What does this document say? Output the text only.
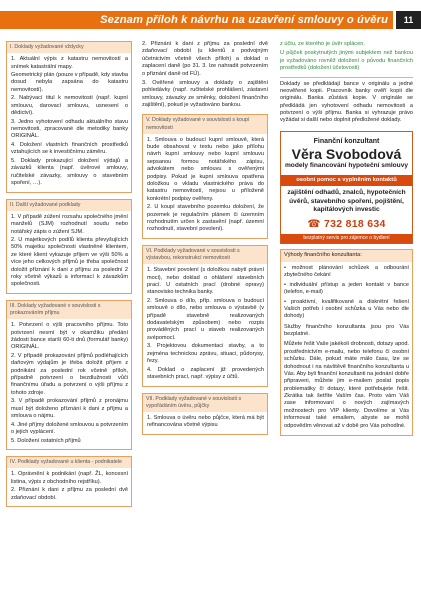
Seznam příloh k návrhu na uzavření smlouvy o úvěru	11
I. Doklady vyžadované vždycky

1. Aktuální výpis z katastru nemovitostí a snímek katastrální mapy.

Geometrický plán (pouze v případě, kdy stavba dosud nebyla zapsána do katastru nemovitostí).

2. Nabývací titul k nemovitosti (např. kupní smlouvu, darovací smlouvu, usnesení o dědictví).

3. Jedno vyhotovení odhadu aktuálního stavu nemovitosti, zpracované dle metodiky banky ORIGINÁL.

4. Doložení vlastních finančních prostředků vztahujících se k investičnímu záměru.

5. Doklady prokazující doložení výdajů a závazků klienta (např. úvěrové smlouvy, ručitelské závazky, smlouvy o stavebním spoření, …).

II. Další vyžadované podklady

1. V případě zúžení rozsahu společného jmění manželů (SJM) rozhodnutí soudu nebo notářský zápis o zúžení SJM.

2. U majetkových podílů klienta převyšujících 50% majetku společnosti vlastněné klientem, ze které klient vykazuje příjem ve výši 50% a více jeho celkových příjmů je třeba společnost doložit příznání k dani z příjmu za poslední 2 roky včetně výkazů a informací k závazkům společnosti.

III. Doklady vyžadované v souvislosti s prokazováním příjmu

1. Potvrzení o výši pracovního příjmu. Toto potvrzení nesmí být v okamžiku předání žádosti bance starší 60-ti dnů (formulář banky) ORIGINÁL.

2. V případě prokazování příjmů podléhajících daňovým výdajům je třeba doložit příjem z podnikání za poslední rok včetně příloh, případně potvrzení o bezdlužnosti vůči finančnímu úřadu a potvrzení o výši příjmu z tohoto zdroje.

3. V případě prokazování příjmů z pronájmu musí být doloženo příznání k dani z příjmu a smlouva o nájmu.

4. Jiné příjmy doložené smlouvou a potvrzením o jejich vyplácení.

5. Doložení ostatních příjmů

IV. Podklady vyžadované u klienta - podnikatele

1. Oprávnění k podnikání (např. ŽL, koncesní listina, výpis z obchodního rejstříku).

2. Přiznání k dani z příjmu za poslední dvě zdaňovací období.

2. Přiznání k dani z příjmu za poslední dvě zdaňovací období (u klientů s podvojným účetnictvím včetně všech příloh) a doklad o zaplacení daně (po 31. 3. lze nahradit potvrzením o přiznání daně od FÚ).

3. Ověřené smlouvy a doklady o zajištění pohledávky (např. ručitelské prohlášení, zástavní smlouvy, závazky ze směnky, doložení finančního zajištění), pokud je vyžadováno bankou.

V. Doklady vyžadované v souvislosti s koupí nemovitosti

1. Smlouva o budoucí kupní smlouvě, která bude obsahovat v textu nebo jako přílohu návrh kupní smlouvy nebo kupní smlouvu sepsanou formou notářského zápisu, advokátem nebo smlouvu s ověřenými podpisy. Pokud je kupní smlouva opatřena doložkou o vkladu vlastnického práva do katastru nemovitostí, nejsou u příloženě konkrétní podpisy ověřeny.

2. U koupí stavebního pozemku doložení, že pozemek je regulačním plánem či územním rozhodnutím určen k zastavění (např. územní rozhodnutí, stavební povolení).

VI. Podklady vyžadované v souvislosti s výstavbou, rekonstrukcí nemovitosti

1. Stavební povolení (s doložkou nabytí právní moci), nebo doklad o ohlášení stavebních prací. U ostatních prací (drobné opravy) stanovisko technika banky.

2. Smlouva o dílo, příp. smlouva o budoucí smlouvě o dílo, nebo smlouva o výstavbě (v případě stavebně realizovaných dodavatelským způsobem) nebo rozpis prováděných prací u staveb realizovaných svépomocí.

3. Projektovou dokumentaci stavby, a to zejména technickou zprávu, situaci, půdorysy, řezy.

4. Doklad o zaplacení již provedených stavebních prací, např. výpisy z účtů.

VII. Podklady vyžadované v souvislosti s vypořádáním úvěru, půjčky

1. Smlouva o úvěru nebo půjčce, která má být refinancována včetně výpisu

z účtu, ze kterého je úvěr splácen.

U půjček poskytnutých jinými subjektem než bankou je vyžadováno rovněž doložení o původu finančních prostředků (doložení účelovosti)

Doklady se předkládají bance v originálu a jedné neověřené kopii. Pracovník banky ověří kopii dle originálu. Banka zůstává kopie. V originále se předkládá jen vyhotovení odhadu nemovitosti a potvrzení o výši příjmu. Banka si vyhrazuje právo vyžádat si další nebo doplnit předložené doklady.

Finanční konzultant
Věra Svobodová
modely financování hypoteční smlouvy
osobní pomoc s vyplněním kontaktů
zajištění odhadů, znalců, hypotečních úvěrů, stavebního spoření, pojištění, kapitálových investic
☎ 732 818 634
bezplatný servis pro zájemce o bydlení
Výhody finančního konzultanta:

• možnost plánování schůzek a odbourání zbytečného čekání

• individuální přístup a jeden kontakt v bance (telefon, e-mail)

• proaktivní, kvalifikované a diskrétní řešení Vašich potřeb i osobní schůzka u Vás nebo dle dohody)

Služby finančního konzultanta jsou pro Vás bezplatné.

Můžete řešit Vaše jakékoli drobnosti, dotazy apod. prostřednictvím e-mailu, nebo telefonu či osobní schůzku. Dále, pokud máte málo času, lze se dohodnout i na návštěvě finančního konzultanta u Vás. Aby byli finanční konzultanti na jednání dobře připraveni, můžete jim e-mailem poslat popis problematiky či dotazy, které potřebujete řešit. Zkrátka tak šetříte Vaším čas. Proto vám Váš zase informovaní o nových zajímavých možnostech pro VIP klienty. Dovolíme si Vás informovat také emailem, abyste se mohli odpovědím věnovat až v době pro Vás pohodlné.
